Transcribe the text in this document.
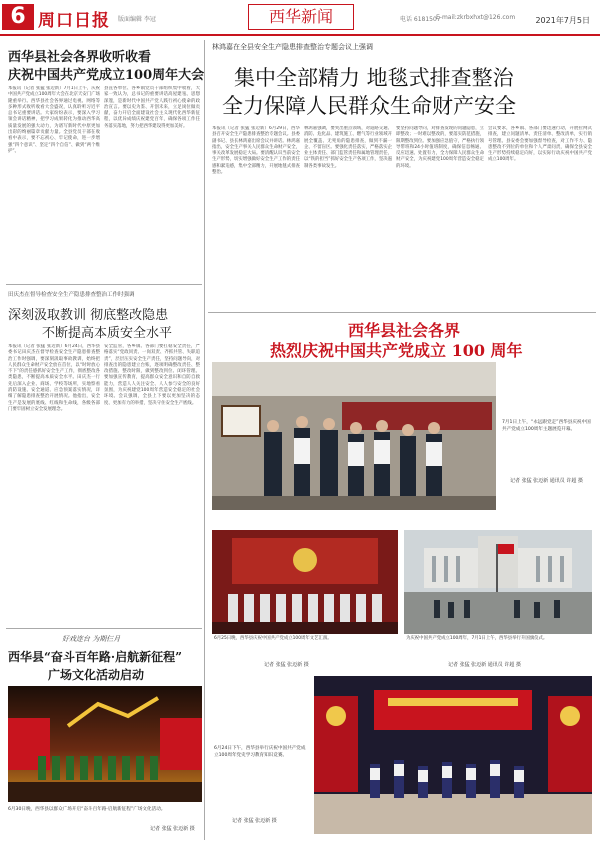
6 周口日报 版面编辑 李冠	电话 6181507
E-mail:zkrbxhxt@126.com
西华新闻	2021年7月5日
西华县社会各界收听收看
庆祝中国共产党成立100周年大会
本报讯（记者 张猛 张迈新）7月1日上午，庆祝中国共产党成立100周年大会在北京天安门广场隆重举行。西华县社会各界通过电视、网络等多种形式收听收看大会盛况，认真聆听习近平总书记重要讲话。大家纷纷表示，要深入学习领会讲话精神，把学习成果转化为推动西华高质量发展的强大动力，为谱写新时代中原更加出彩的绚丽篇章贡献力量。全县党员干部在收看中表示，要不忘初心、牢记使命，进一步增强“四个意识”、坚定“四个自信”、做到“两个维护”。
县直各单位、各乡镇党员干部组织集中收看，大家一致认为，总书记的重要讲话高屋建瓴、思想深邃，是新时代中国共产党人践行初心使命的政治宣言。要以史为鉴、开创未来，立足岗位做贡献，奋力开启全面建设社会主义现代化西华新征程，以优异成绩庆祝建党百年，确保各项工作任务落实落地，努力把西华建设得更加美好。
田庆杰在督导检查安全生产隐患排查整治工作时强调
深刻汲取教训 彻底整改隐患
不断提高本质安全水平
本报讯（记者 张猛 张迈新）6月24日，西华县委书记田庆杰在督导检查安全生产隐患排查整治工作时强调，要深刻汲取事故教训，始终把人民群众生命财产安全放在首位，以“时时放心不下”的责任感抓好安全生产工作，彻底整改各类隐患，不断提高本质安全水平。田庆杰一行先后深入企业、商场、学校等场所，实地察看消防设施、安全通道、应急预案落实情况，详细了解隐患排查整治开展情况。他指出，安全生产是发展的底线、红线和生命线，各级各部门要牢固树立安全发展理念。
安全监管，各乡镇、各部门要扛稳安全责任，严格落实“党政同责、一岗双责、齐抓共管、失职追责”，层层压实安全生产责任，坚持问题导向，对排查出的隐患建立台账，逐项明确整改责任、整改措施、整改时限，做到整改到位、闭环管理。要加强宣传教育，提高群众安全意识和自防自救能力，营造人人关注安全、人人参与安全的良好氛围，为庆祝建党100周年营造安全稳定的社会环境。会议强调，全县上下要以更加坚决的态度、更加有力的举措，坚决守住安全生产底线。
好戏连台 为期仨月
西华县“奋斗百年路·启航新征程”
广场文化活动启动
6月30日晚，西华县以群众广场开启“奋斗百年路·启航新征程”广场文化活动。
记者 张猛 张迈新 摄
林鸿嘉在全县安全生产隐患排查整治专题会议上强调
集中全部精力 地毯式排查整治
全力保障人民群众生命财产安全
本报讯（记者 张猛 张迈新）6月29日，西华县召开安全生产隐患排查整治专题会议。县委副书记、县长林鸿嘉出席会议并讲话。林鸿嘉指出，安全生产事关人民群众生命财产安全，事关改革发展稳定大局。要清醒认识当前安全生产形势，切实增强做好安全生产工作的责任感和紧迫感，集中全部精力，开展地毯式排查整治。
林鸿嘉强调，要突出重点领域，对道路交通、消防、危化品、建筑施工、燃气等行业领域开展全覆盖、无死角的隐患排查，做到不漏一企、不留盲区。要强化责任落实，严格落实企业主体责任、部门监管责任和属地管理责任，以“铁的担当”抓好安全生产各项工作，坚决遏制各类事故发生。
要坚持问题导向，对排查发现的问题隐患，立即整改；一时难以整改的，要落实防范措施，限期整改到位。要加强应急值守，严格执行领导带班和24小时值班制度，确保信息畅通、反应迅速、处置有力，全力保障人民群众生命财产安全，为庆祝建党100周年营造安全稳定的环境。
会议要求，各乡镇、各部门要迅速行动，开展拉网式排查，建立问题清单、责任清单、整改清单，实行销号管理。县安委会要加强督导检查，对工作不力、隐患整改不到位的单位和个人严肃问责，确保全县安全生产形势持续稳定向好，以实际行动庆祝中国共产党成立100周年。
西华县社会各界
热烈庆祝中国共产党成立 100 周年
7月1日上午，“永远跟党走”西华县庆祝中国共产党成立100周年主题展览开幕。
记者 张猛 张迈新 通讯员 许超 摄
6月25日晚，西华县庆祝中国共产党成立100周年文艺汇演。
记者 张猛 张迈新 摄
为庆祝中国共产党成立100周年，7月1日上午，西华县举行升国旗仪式。
记者 张猛 张迈新 通讯员 许超 摄
6月24日下午，西华县举行庆祝中国共产党成立100周年党史学习教育知识竞赛。
记者 张猛 张迈新 摄
